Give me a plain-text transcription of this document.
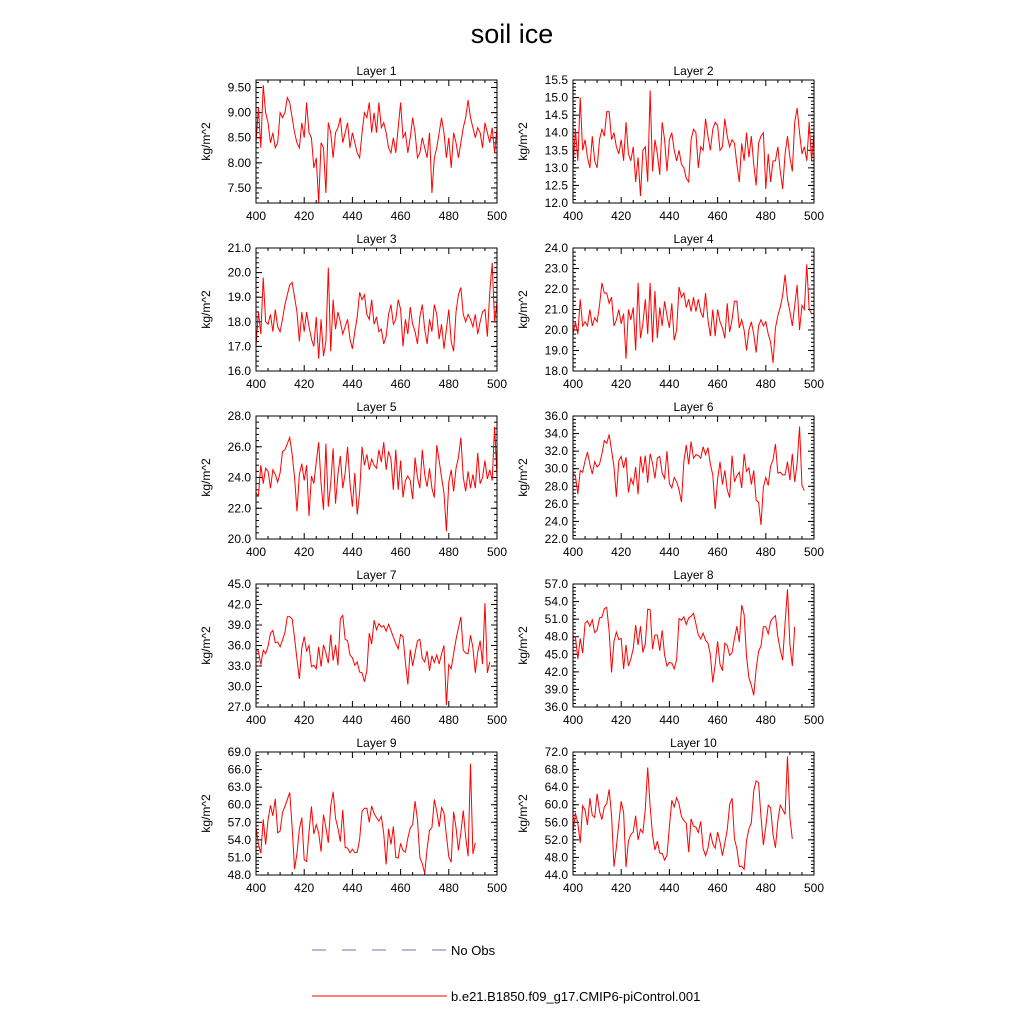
soil ice
Layer 1
kg/m^2
400 420 440 460 480 500
7.50
8.00
8.50
9.00
9.50
Layer 2
kg/m^2
400 420 440 460 480 500
12.0
12.5
13.0
13.5
14.0
14.5
15.0
15.5
Layer 3
kg/m^2
400 420 440 460 480 500
16.0
17.0
18.0
19.0
20.0
21.0
Layer 4
kg/m^2
400 420 440 460 480 500
18.0
19.0
20.0
21.0
22.0
23.0
24.0
Layer 5
kg/m^2
400 420 440 460 480 500
20.0
22.0
24.0
26.0
28.0
Layer 6
kg/m^2
400 420 440 460 480 500
22.0
24.0
26.0
28.0
30.0
32.0
34.0
36.0
Layer 7
kg/m^2
400 420 440 460 480 500
27.0
30.0
33.0
36.0
39.0
42.0
45.0
Layer 8
kg/m^2
400 420 440 460 480 500
36.0
39.0
42.0
45.0
48.0
51.0
54.0
57.0
Layer 9
kg/m^2
400 420 440 460 480 500
48.0
51.0
54.0
57.0
60.0
63.0
66.0
69.0
Layer 10
kg/m^2
400 420 440 460 480 500
44.0
48.0
52.0
56.0
60.0
64.0
68.0
72.0
No Obs
b.e21.B1850.f09_g17.CMIP6-piControl.001
